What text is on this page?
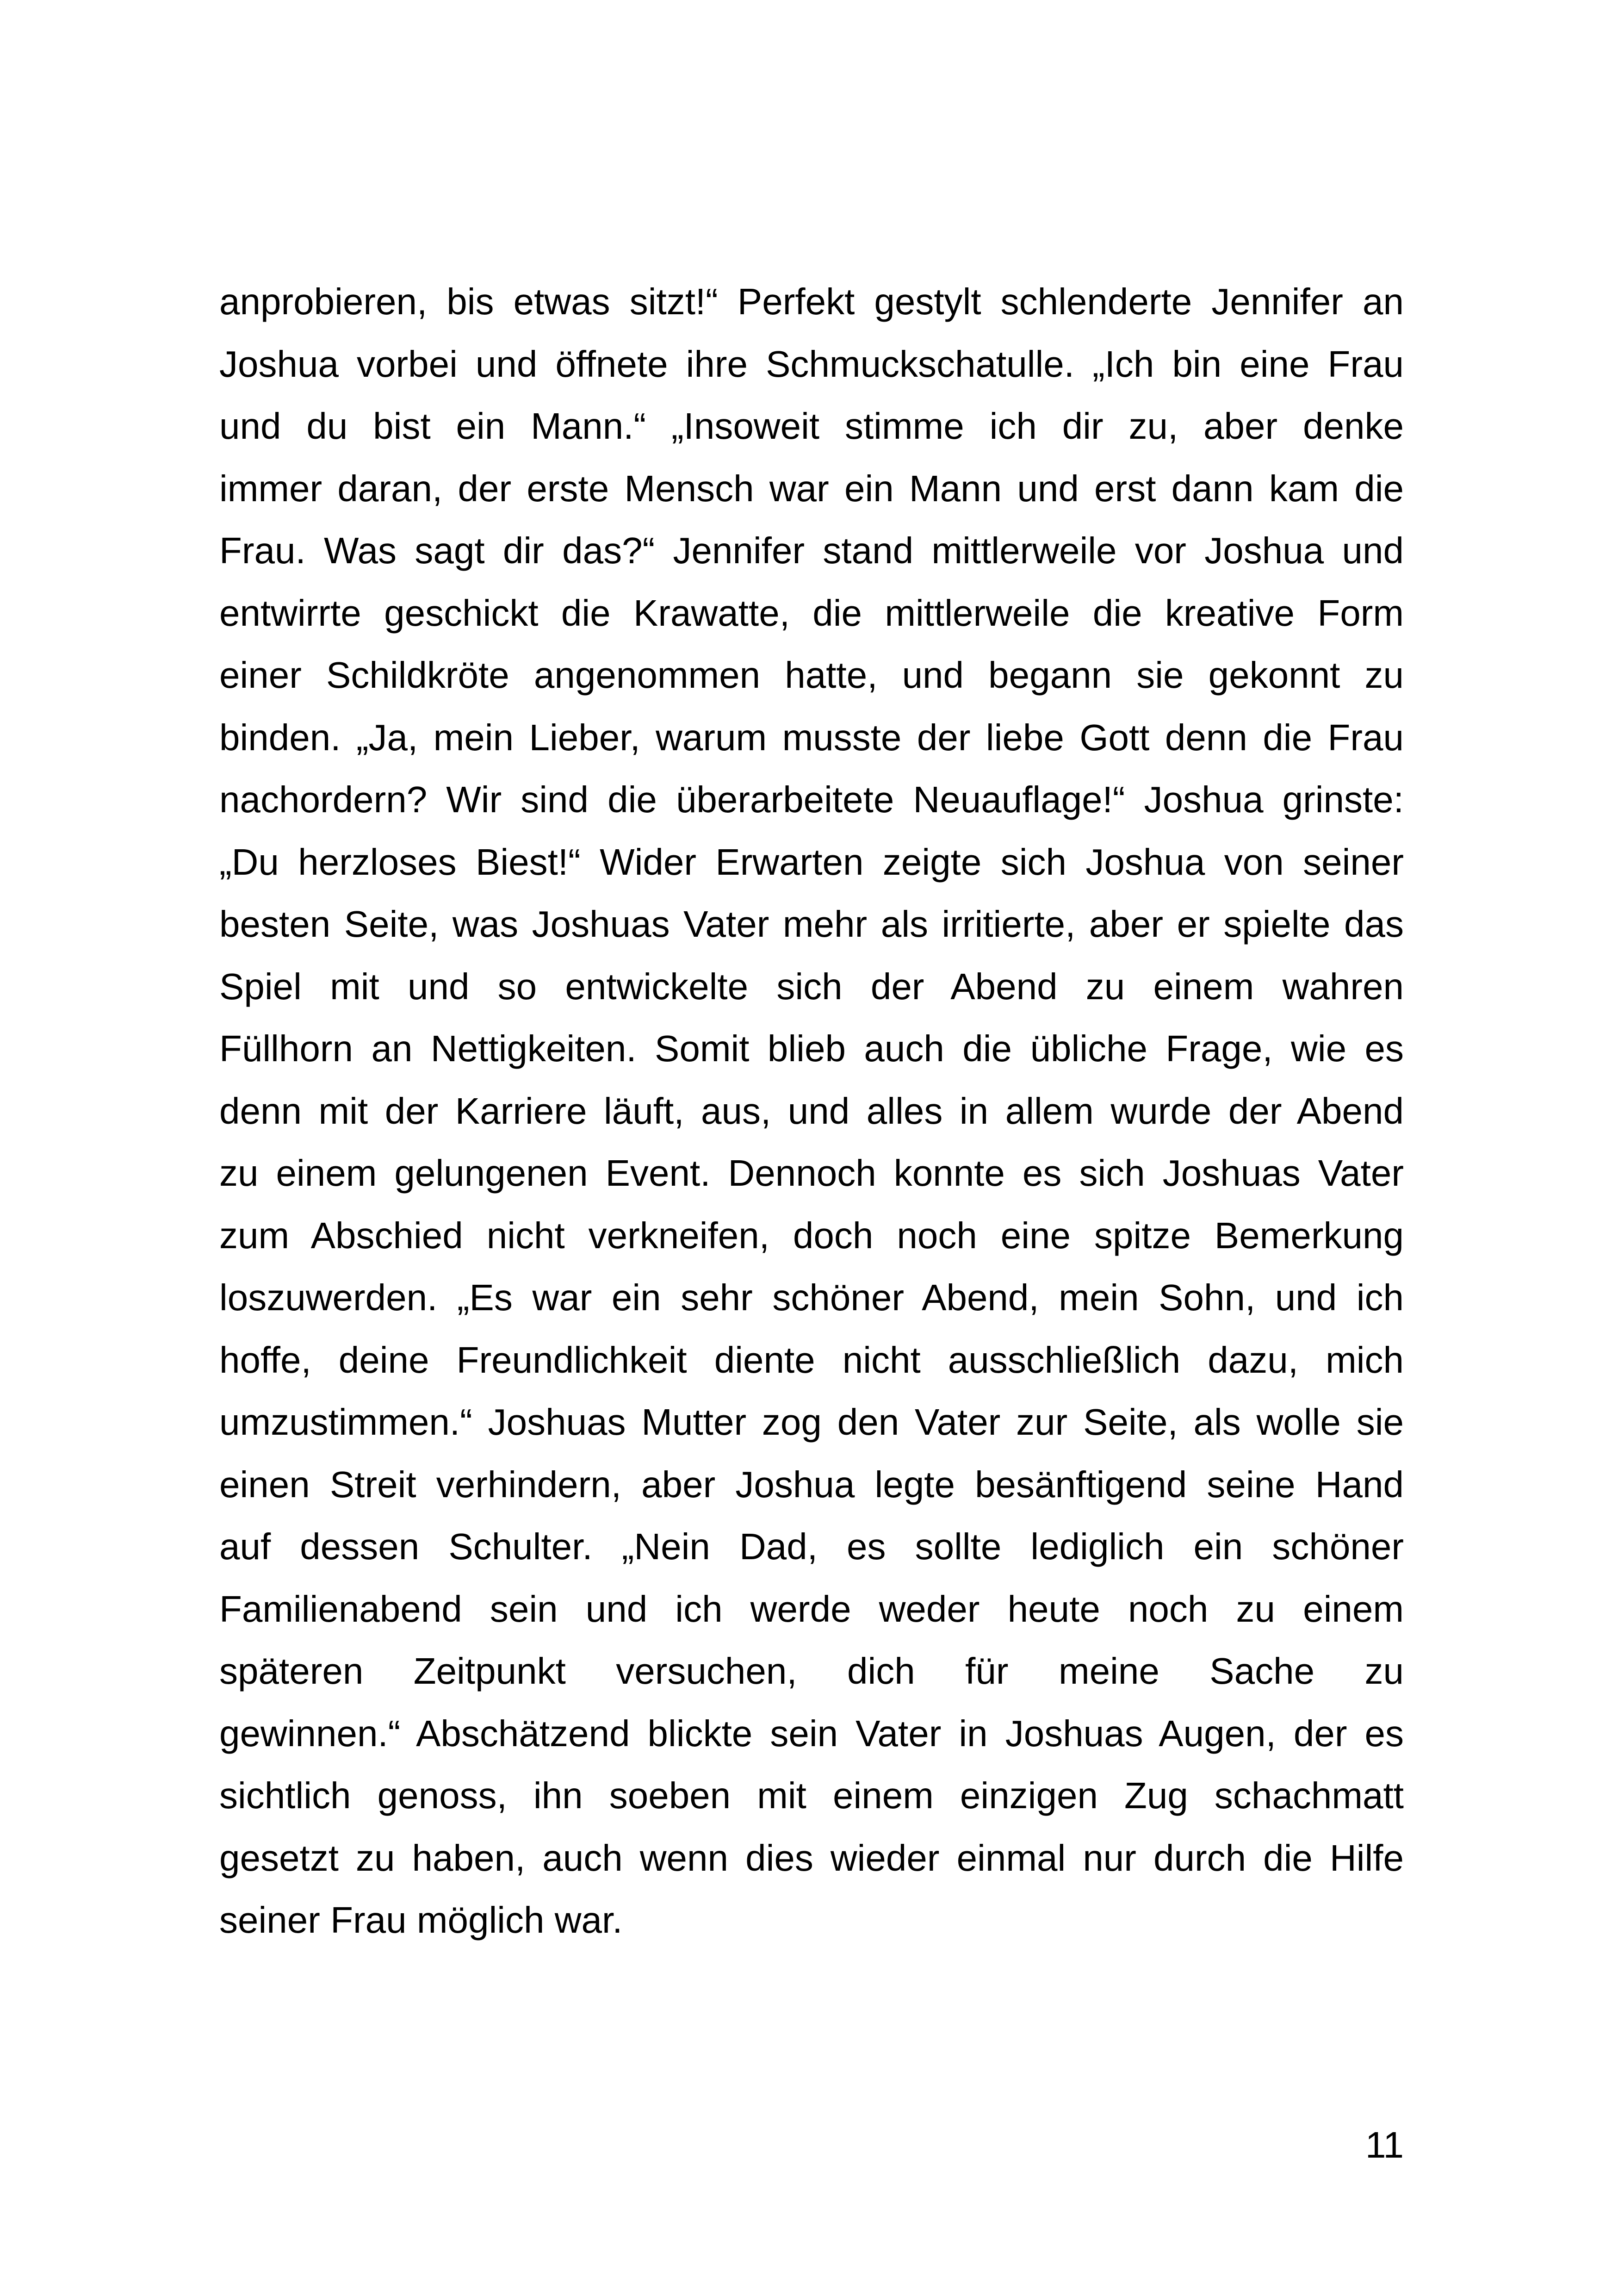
anprobieren, bis etwas sitzt!“ Perfekt gestylt schlenderte Jennifer an
Joshua vorbei und öffnete ihre Schmuckschatulle. „Ich bin eine Frau
und du bist ein Mann.“ „Insoweit stimme ich dir zu, aber denke
immer daran, der erste Mensch war ein Mann und erst dann kam die
Frau. Was sagt dir das?“ Jennifer stand mittlerweile vor Joshua und
entwirrte geschickt die Krawatte, die mittlerweile die kreative Form
einer Schildkröte angenommen hatte, und begann sie gekonnt zu
binden. „Ja, mein Lieber, warum musste der liebe Gott denn die Frau
nachordern? Wir sind die überarbeitete Neuauflage!“ Joshua grinste:
„Du herzloses Biest!“ Wider Erwarten zeigte sich Joshua von seiner
besten Seite, was Joshuas Vater mehr als irritierte, aber er spielte das
Spiel mit und so entwickelte sich der Abend zu einem wahren
Füllhorn an Nettigkeiten. Somit blieb auch die übliche Frage, wie es
denn mit der Karriere läuft, aus, und alles in allem wurde der Abend
zu einem gelungenen Event. Dennoch konnte es sich Joshuas Vater
zum Abschied nicht verkneifen, doch noch eine spitze Bemerkung
loszuwerden. „Es war ein sehr schöner Abend, mein Sohn, und ich
hoffe, deine Freundlichkeit diente nicht ausschließlich dazu, mich
umzustimmen.“ Joshuas Mutter zog den Vater zur Seite, als wolle sie
einen Streit verhindern, aber Joshua legte besänftigend seine Hand
auf dessen Schulter. „Nein Dad, es sollte lediglich ein schöner
Familienabend sein und ich werde weder heute noch zu einem
späteren Zeitpunkt versuchen, dich für meine Sache zu
gewinnen.“ Abschätzend blickte sein Vater in Joshuas Augen, der es
sichtlich genoss, ihn soeben mit einem einzigen Zug schachmatt
gesetzt zu haben, auch wenn dies wieder einmal nur durch die Hilfe
seiner Frau möglich war.
11
